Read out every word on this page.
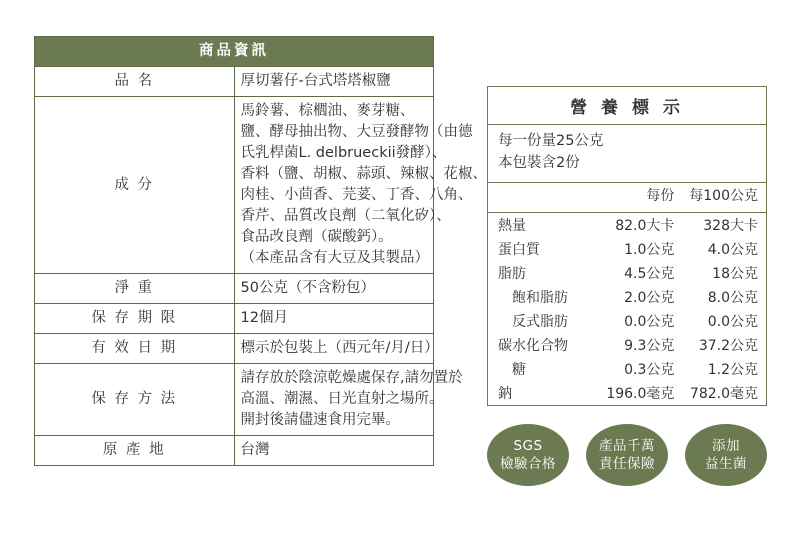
商品資訊	
品 名	厚切薯仔-台式塔塔椒鹽

成 分	
馬鈴薯、棕櫚油、麥芽糖、
鹽、酵母抽出物、大豆發酵物（由德
氏乳桿菌L. delbrueckii發酵）、
香料（鹽、胡椒、蒜頭、辣椒、花椒、
肉桂、小茴香、芫荽、丁香、八角、
香芹、品質改良劑（二氧化矽）、
食品改良劑（碳酸鈣）。
（本產品含有大豆及其製品）

淨 重	50公克（不含粉包）

保 存 期 限	12個月

有 效 日 期	標示於包裝上（西元年/月/日）

保 存 方 法	請存放於陰涼乾燥處保存,請勿置於
高溫、潮濕、日光直射之場所。
開封後請儘速食用完畢。

原 產 地	台灣
營 養 標 示
每一份量25公克
本包裝含2份
	每份	每100公克

熱量	82.0大卡	328大卡
蛋白質	1.0公克	4.0公克
脂肪	4.5公克	18公克
飽和脂肪	2.0公克	8.0公克
反式脂肪	0.0公克	0.0公克
碳水化合物	9.3公克	37.2公克
糖	0.3公克	1.2公克
鈉	196.0毫克	782.0毫克
SGS
檢驗合格
產品千萬
責任保險
添加
益生菌
